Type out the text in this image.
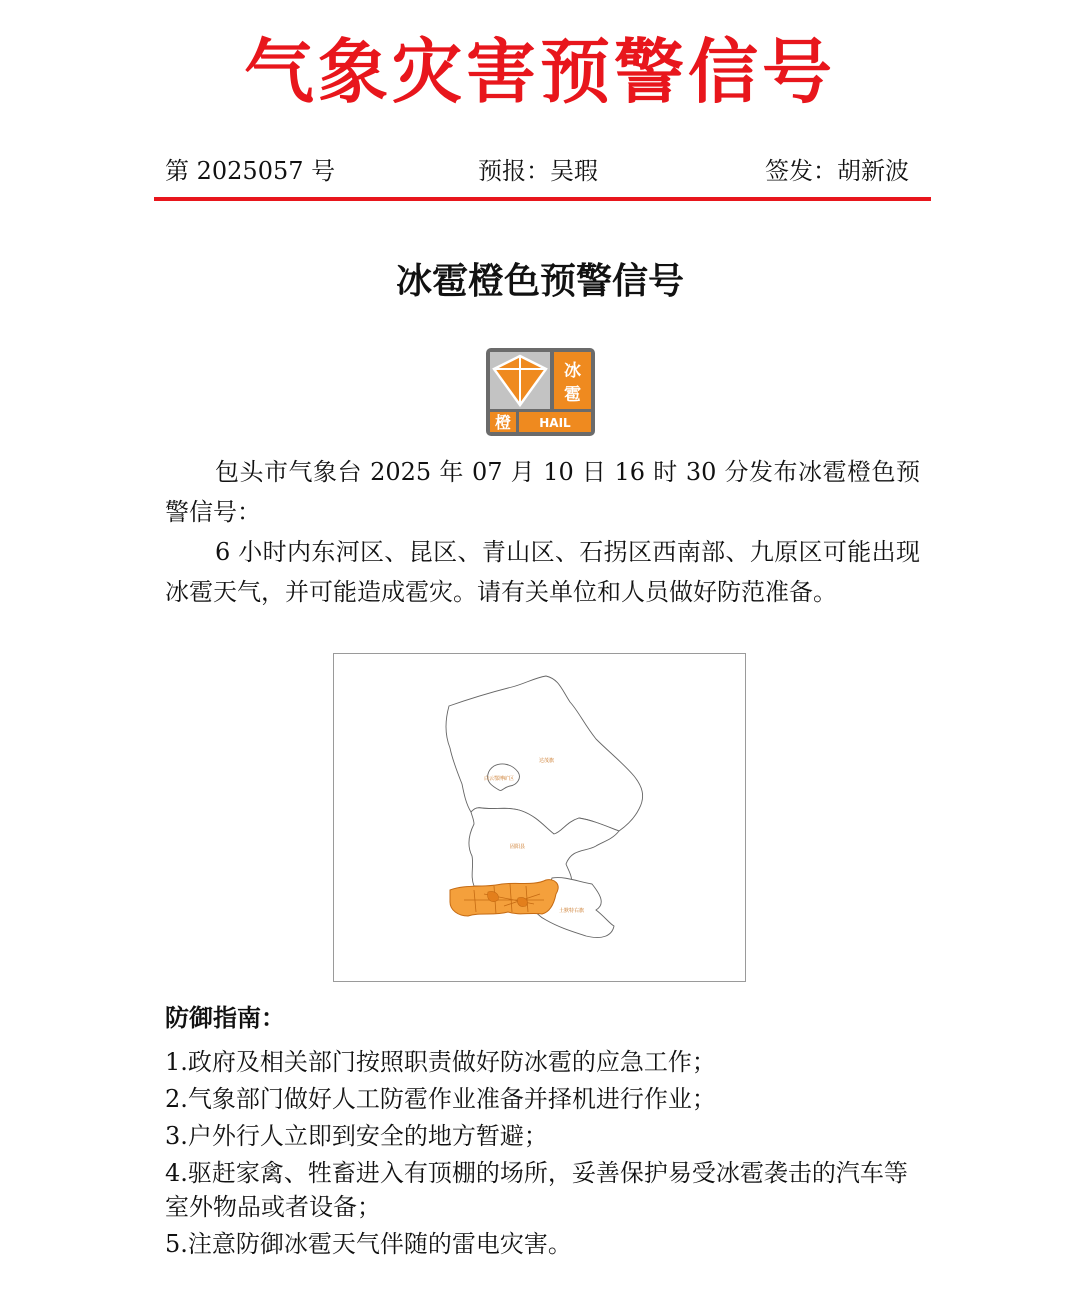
气象灾害预警信号
第 2025057 号	预报：吴瑕	签发：胡新波
冰雹橙色预警信号
冰
雹
橙 HAIL

包头市气象台 2025 年 07 月 10 日 16 时 30 分发布冰雹橙色预警信号：

6 小时内东河区、昆区、青山区、石拐区西南部、九原区可能出现冰雹天气，并可能造成雹灾。请有关单位和人员做好防范准备。

达茂旗
白云鄂博矿区
固阳县
土默特右旗
防御指南：
1.政府及相关部门按照职责做好防冰雹的应急工作；
2.气象部门做好人工防雹作业准备并择机进行作业；
3.户外行人立即到安全的地方暂避；
4.驱赶家禽、牲畜进入有顶棚的场所，妥善保护易受冰雹袭击的汽车等室外物品或者设备；
5.注意防御冰雹天气伴随的雷电灾害。
